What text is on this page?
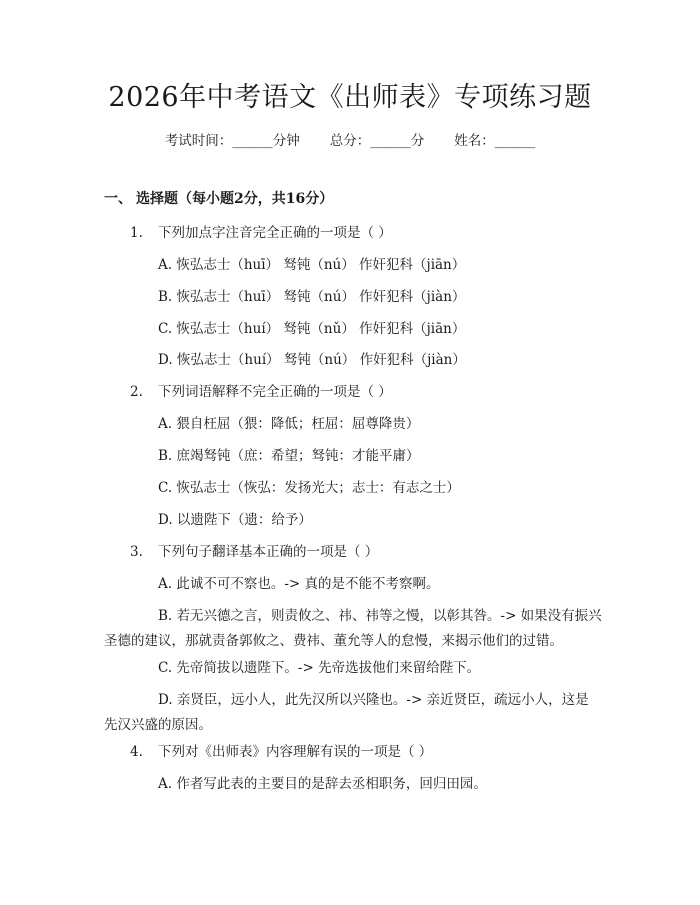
2026年中考语文《出师表》专项练习题
考试时间：______分钟 总分：______分 姓名：______
一、 选择题（每小题2分，共16分）
1. 下列加点字注音完全正确的一项是（ ）
A. 恢弘志士（huī） 驽钝（nú） 作奸犯科（jiān）
B. 恢弘志士（huī） 驽钝（nú） 作奸犯科（jiàn）
C. 恢弘志士（huí） 驽钝（nǔ） 作奸犯科（jiān）
D. 恢弘志士（huí） 驽钝（nú） 作奸犯科（jiàn）
2. 下列词语解释不完全正确的一项是（ ）
A. 猥自枉屈（猥：降低；枉屈：屈尊降贵）
B. 庶竭驽钝（庶：希望；驽钝：才能平庸）
C. 恢弘志士（恢弘：发扬光大；志士：有志之士）
D. 以遗陛下（遗：给予）
3. 下列句子翻译基本正确的一项是（ ）
A. 此诚不可不察也。-> 真的是不能不考察啊。
B. 若无兴德之言，则责攸之、祎、祎等之慢，以彰其咎。-> 如果没有振兴圣德的建议，那就责备郭攸之、费祎、董允等人的怠慢，来揭示他们的过错。
C. 先帝简拔以遗陛下。-> 先帝选拔他们来留给陛下。
D. 亲贤臣，远小人，此先汉所以兴隆也。-> 亲近贤臣，疏远小人，这是先汉兴盛的原因。
4. 下列对《出师表》内容理解有误的一项是（ ）
A. 作者写此表的主要目的是辞去丞相职务，回归田园。
